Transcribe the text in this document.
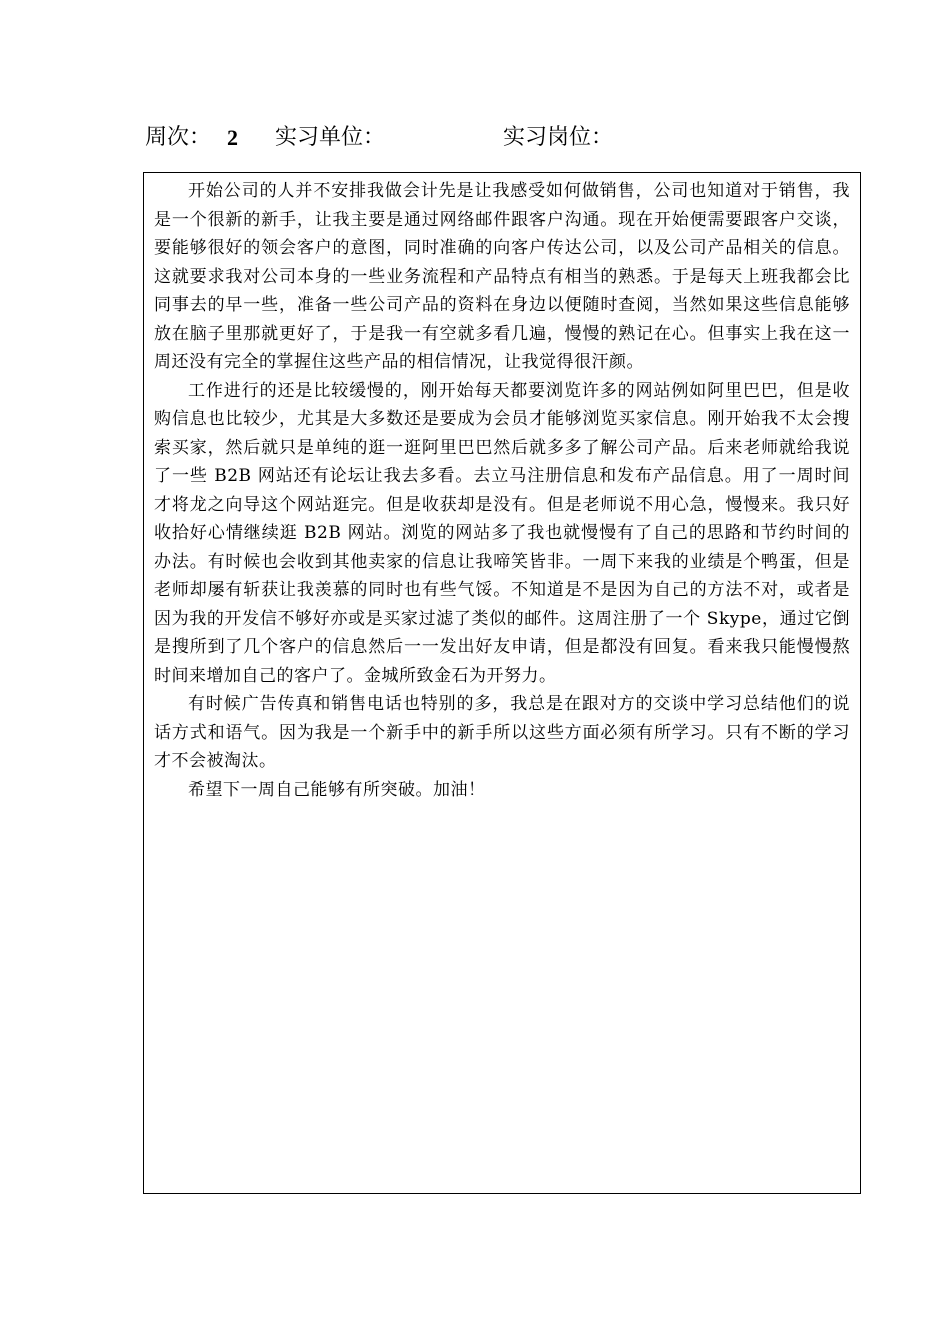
周次： 2 实习单位：	实习岗位：

开始公司的人并不安排我做会计先是让我感受如何做销售，公司也知道对于销售，我是一个很新的新手，让我主要是通过网络邮件跟客户沟通。现在开始便需要跟客户交谈，要能够很好的领会客户的意图，同时准确的向客户传达公司，以及公司产品相关的信息。这就要求我对公司本身的一些业务流程和产品特点有相当的熟悉。于是每天上班我都会比同事去的早一些，准备一些公司产品的资料在身边以便随时查阅，当然如果这些信息能够放在脑子里那就更好了，于是我一有空就多看几遍，慢慢的熟记在心。但事实上我在这一周还没有完全的掌握住这些产品的相信情况，让我觉得很汗颜。

工作进行的还是比较缓慢的，刚开始每天都要浏览许多的网站例如阿里巴巴，但是收购信息也比较少，尤其是大多数还是要成为会员才能够浏览买家信息。刚开始我不太会搜索买家，然后就只是单纯的逛一逛阿里巴巴然后就多多了解公司产品。后来老师就给我说了一些 B2B 网站还有论坛让我去多看。去立马注册信息和发布产品信息。用了一周时间才将龙之向导这个网站逛完。但是收获却是没有。但是老师说不用心急，慢慢来。我只好收拾好心情继续逛 B2B 网站。浏览的网站多了我也就慢慢有了自己的思路和节约时间的办法。有时候也会收到其他卖家的信息让我啼笑皆非。一周下来我的业绩是个鸭蛋，但是老师却屡有斩获让我羡慕的同时也有些气馁。不知道是不是因为自己的方法不对，或者是因为我的开发信不够好亦或是买家过滤了类似的邮件。这周注册了一个 Skype，通过它倒是搜所到了几个客户的信息然后一一发出好友申请，但是都没有回复。看来我只能慢慢熬时间来增加自己的客户了。金城所致金石为开努力。

有时候广告传真和销售电话也特别的多，我总是在跟对方的交谈中学习总结他们的说话方式和语气。因为我是一个新手中的新手所以这些方面必须有所学习。只有不断的学习才不会被淘汰。

希望下一周自己能够有所突破。加油！
